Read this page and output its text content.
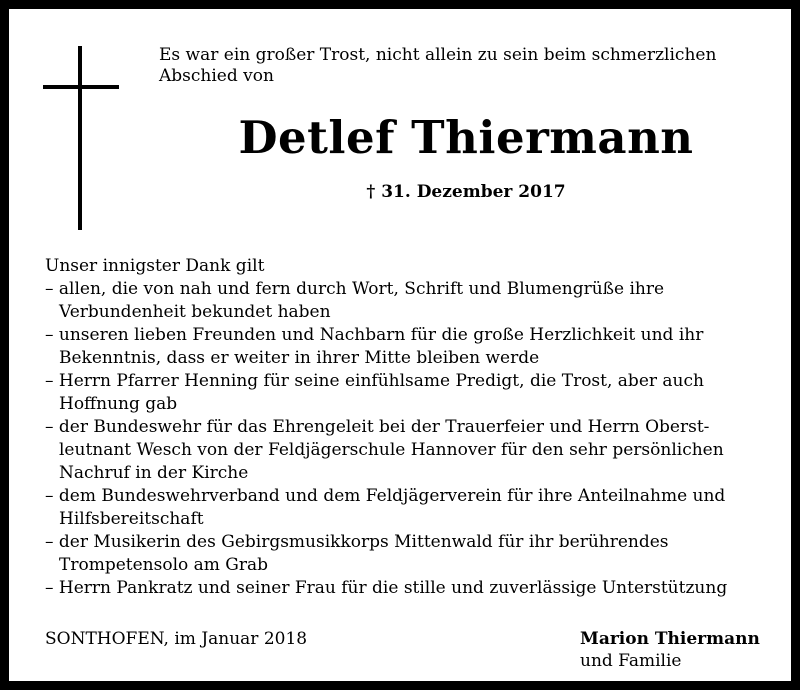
Es war ein großer Trost, nicht allein zu sein beim schmerzlichen Abschied von
Detlef Thiermann
† 31. Dezember 2017
Unser innigster Dank gilt
– allen, die von nah und fern durch Wort, Schrift und Blumengrüße ihre Verbundenheit bekundet haben
– unseren lieben Freunden und Nachbarn für die große Herzlichkeit und ihr Bekenntnis, dass er weiter in ihrer Mitte bleiben werde
– Herrn Pfarrer Henning für seine einfühlsame Predigt, die Trost, aber auch Hoffnung gab
– der Bundeswehr für das Ehrengeleit bei der Trauerfeier und Herrn Oberstleutnant Wesch von der Feldjägerschule Hannover für den sehr persönlichen Nachruf in der Kirche
– dem Bundeswehrverband und dem Feldjägerverein für ihre Anteilnahme und Hilfsbereitschaft
– der Musikerin des Gebirgsmusikkorps Mittenwald für ihr berührendes Trompetensolo am Grab
– Herrn Pankratz und seiner Frau für die stille und zuverlässige Unterstützung
SONTHOFEN, im Januar 2018	Marion Thiermann
und Familie
